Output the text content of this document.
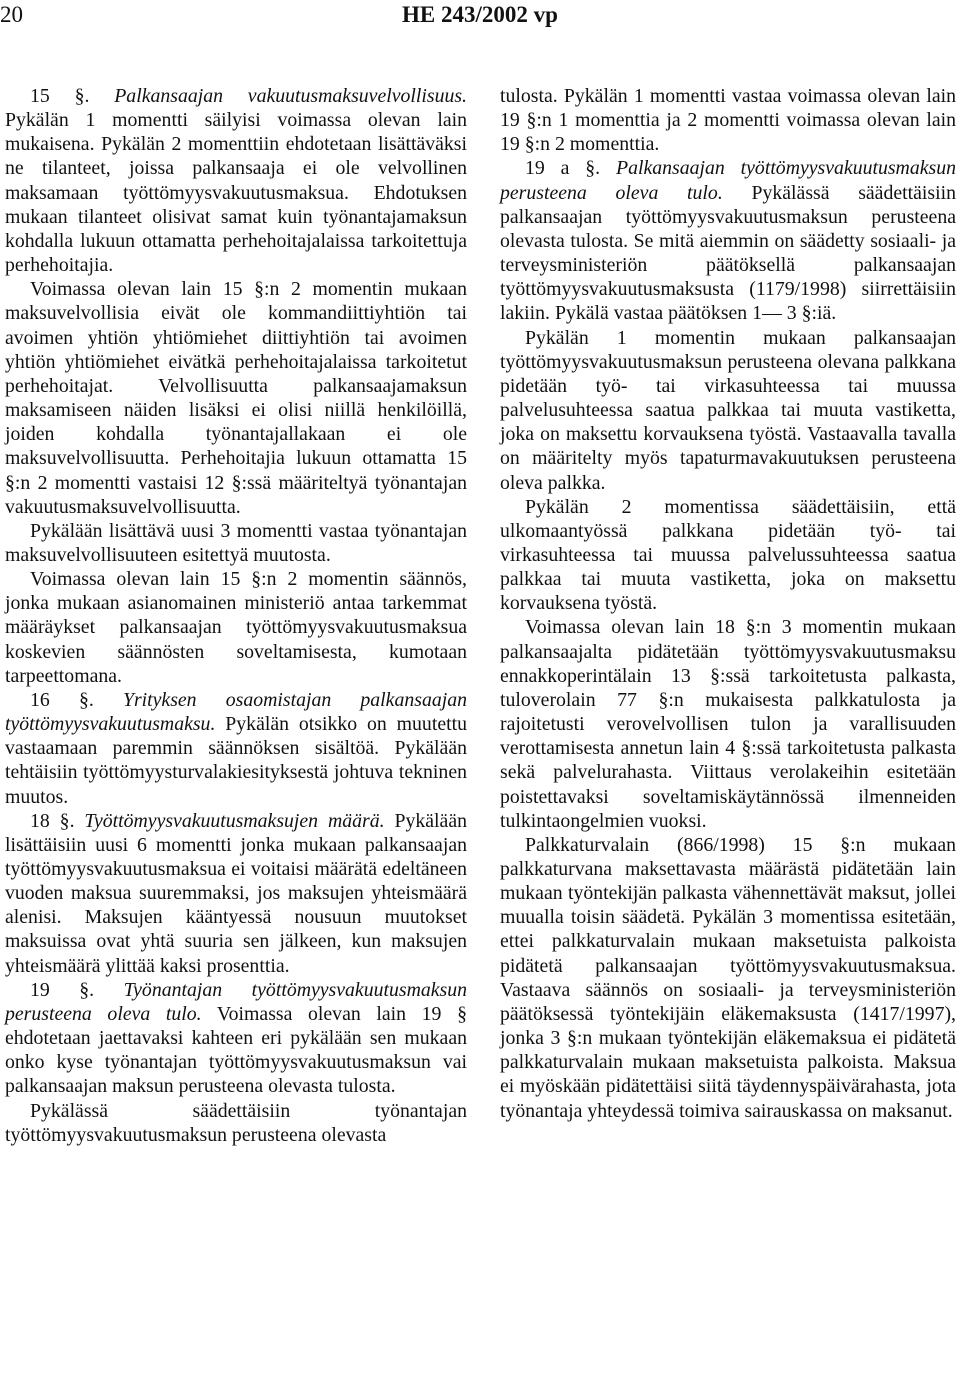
20	HE 243/2002 vp

15 §. Palkansaajan vakuutusmaksuvelvollisuus. Pykälän 1 momentti säilyisi voimassa olevan lain mukaisena. Pykälän 2 momenttiin ehdotetaan lisättäväksi ne tilanteet, joissa palkansaaja ei ole velvollinen maksamaan työttömyysvakuutusmaksua. Ehdotuksen mukaan tilanteet olisivat samat kuin työnantajamaksun kohdalla lukuun ottamatta perhehoitajalaissa tarkoitettuja perhehoitajia.

Voimassa olevan lain 15 §:n 2 momentin mukaan maksuvelvollisia eivät ole kommandiittiyhtiön tai avoimen yhtiön yhtiömiehet diittiyhtiön tai avoimen yhtiön yhtiömiehet eivätkä perhehoitajalaissa tarkoitetut perhehoitajat. Velvollisuutta palkansaajamaksun maksamiseen näiden lisäksi ei olisi niillä henkilöillä, joiden kohdalla työnantajallakaan ei ole maksuvelvollisuutta. Perhehoitajia lukuun ottamatta 15 §:n 2 momentti vastaisi 12 §:ssä määriteltyä työnantajan vakuutusmaksuvelvollisuutta.

Pykälään lisättävä uusi 3 momentti vastaa työnantajan maksuvelvollisuuteen esitettyä muutosta.

Voimassa olevan lain 15 §:n 2 momentin säännös, jonka mukaan asianomainen ministeriö antaa tarkemmat määräykset palkansaajan työttömyysvakuutusmaksua koskevien säännösten soveltamisesta, kumotaan tarpeettomana.

16 §. Yrityksen osaomistajan palkansaajan työttömyysvakuutusmaksu. Pykälän otsikko on muutettu vastaamaan paremmin säännöksen sisältöä. Pykälään tehtäisiin työttömyysturvalakiesityksestä johtuva tekninen muutos.

18 §. Työttömyysvakuutusmaksujen määrä. Pykälään lisättäisiin uusi 6 momentti jonka mukaan palkansaajan työttömyysvakuutusmaksua ei voitaisi määrätä edeltäneen vuoden maksua suuremmaksi, jos maksujen yhteismäärä alenisi. Maksujen kääntyessä nousuun muutokset maksuissa ovat yhtä suuria sen jälkeen, kun maksujen yhteismäärä ylittää kaksi prosenttia.

19 §. Työnantajan työttömyysvakuutusmaksun perusteena oleva tulo. Voimassa olevan lain 19 § ehdotetaan jaettavaksi kahteen eri pykälään sen mukaan onko kyse työnantajan työttömyysvakuutusmaksun vai palkansaajan maksun perusteena olevasta tulosta.

Pykälässä säädettäisiin työnantajan työttömyysvakuutusmaksun perusteena olevasta

tulosta. Pykälän 1 momentti vastaa voimassa olevan lain 19 §:n 1 momenttia ja 2 momentti voimassa olevan lain 19 §:n 2 momenttia.

19 a §. Palkansaajan työttömyysvakuutusmaksun perusteena oleva tulo. Pykälässä säädettäisiin palkansaajan työttömyysvakuutusmaksun perusteena olevasta tulosta. Se mitä aiemmin on säädetty sosiaali- ja terveysministeriön päätöksellä palkansaajan työttömyysvakuutusmaksusta (1179/1998) siirrettäisiin lakiin. Pykälä vastaa päätöksen 1— 3 §:iä.

Pykälän 1 momentin mukaan palkansaajan työttömyysvakuutusmaksun perusteena olevana palkkana pidetään työ- tai virkasuhteessa tai muussa palvelusuhteessa saatua palkkaa tai muuta vastiketta, joka on maksettu korvauksena työstä. Vastaavalla tavalla on määritelty myös tapaturmavakuutuksen perusteena oleva palkka.

Pykälän 2 momentissa säädettäisiin, että ulkomaantyössä palkkana pidetään työ- tai virkasuhteessa tai muussa palvelussuhteessa saatua palkkaa tai muuta vastiketta, joka on maksettu korvauksena työstä.

Voimassa olevan lain 18 §:n 3 momentin mukaan palkansaajalta pidätetään työttömyysvakuutusmaksu ennakkoperintälain 13 §:ssä tarkoitetusta palkasta, tuloverolain 77 §:n mukaisesta palkkatulosta ja rajoitetusti verovelvollisen tulon ja varallisuuden verottamisesta annetun lain 4 §:ssä tarkoitetusta palkasta sekä palvelurahasta. Viittaus verolakeihin esitetään poistettavaksi soveltamiskäytännössä ilmenneiden tulkintaongelmien vuoksi.

Palkkaturvalain (866/1998) 15 §:n mukaan palkkaturvana maksettavasta määrästä pidätetään lain mukaan työntekijän palkasta vähennettävät maksut, jollei muualla toisin säädetä. Pykälän 3 momentissa esitetään, ettei palkkaturvalain mukaan maksetuista palkoista pidätetä palkansaajan työttömyysvakuutusmaksua. Vastaava säännös on sosiaali- ja terveysministeriön päätöksessä työntekijäin eläkemaksusta (1417/1997), jonka 3 §:n mukaan työntekijän eläkemaksua ei pidätetä palkkaturvalain mukaan maksetuista palkoista. Maksua ei myöskään pidätettäisi siitä täydennyspäivärahasta, jota työnantaja yhteydessä toimiva sairauskassa on maksanut.
